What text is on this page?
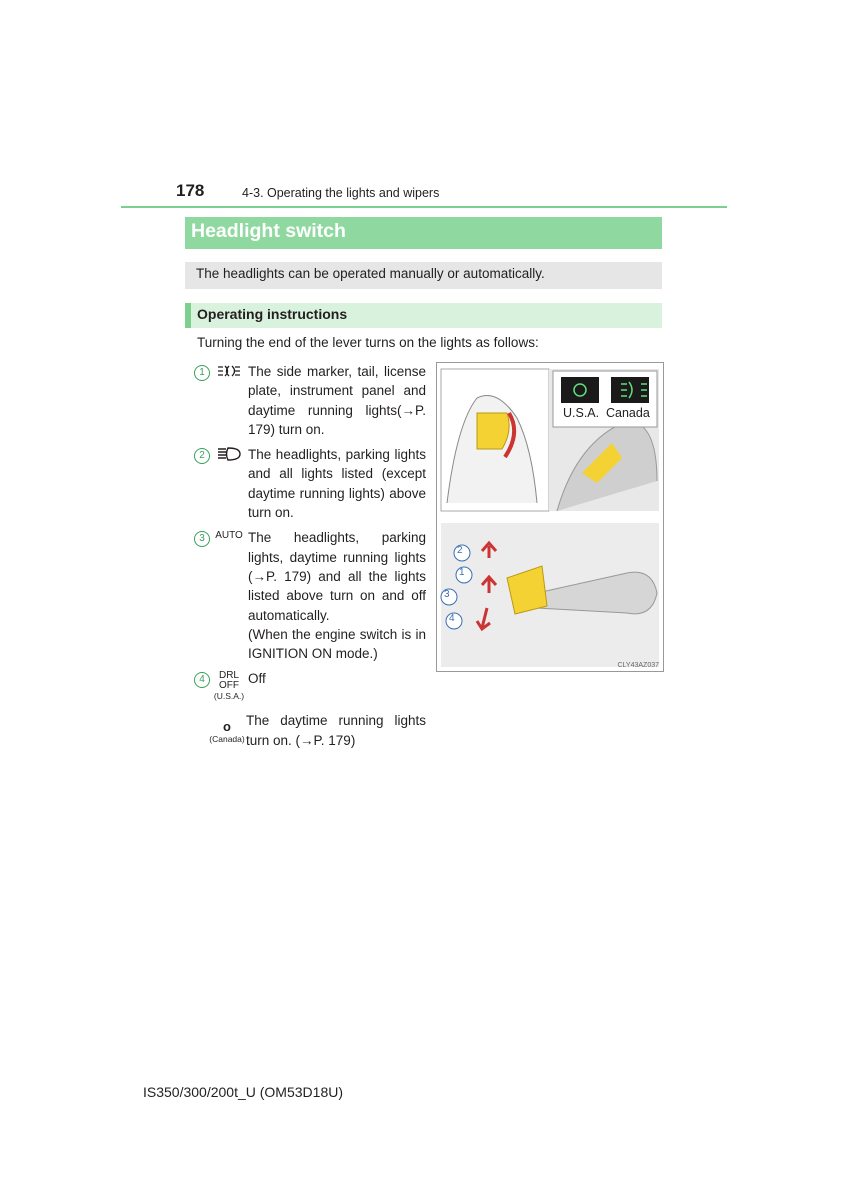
178	4-3. Operating the lights and wipers
Headlight switch
The headlights can be operated manually or automatically.
Operating instructions
Turning the end of the lever turns on the lights as follows:
1	The side marker, tail, license plate, instrument panel and daytime running lights(→P. 179) turn on.
2	The headlights, parking lights and all lights listed (except daytime running lights) above turn on.
3	AUTO The headlights, parking lights, daytime running lights (→P. 179) and all the lights listed above turn on and off automatically.
(When the engine switch is in IGNITION ON mode.)
4	DRL
OFF
(U.S.A.)
Off
o
(Canada)
The daytime running lights turn on. (→P. 179)
U.S.A. Canada
2
1
3
4
CLY43AZ037
IS350/300/200t_U (OM53D18U)
